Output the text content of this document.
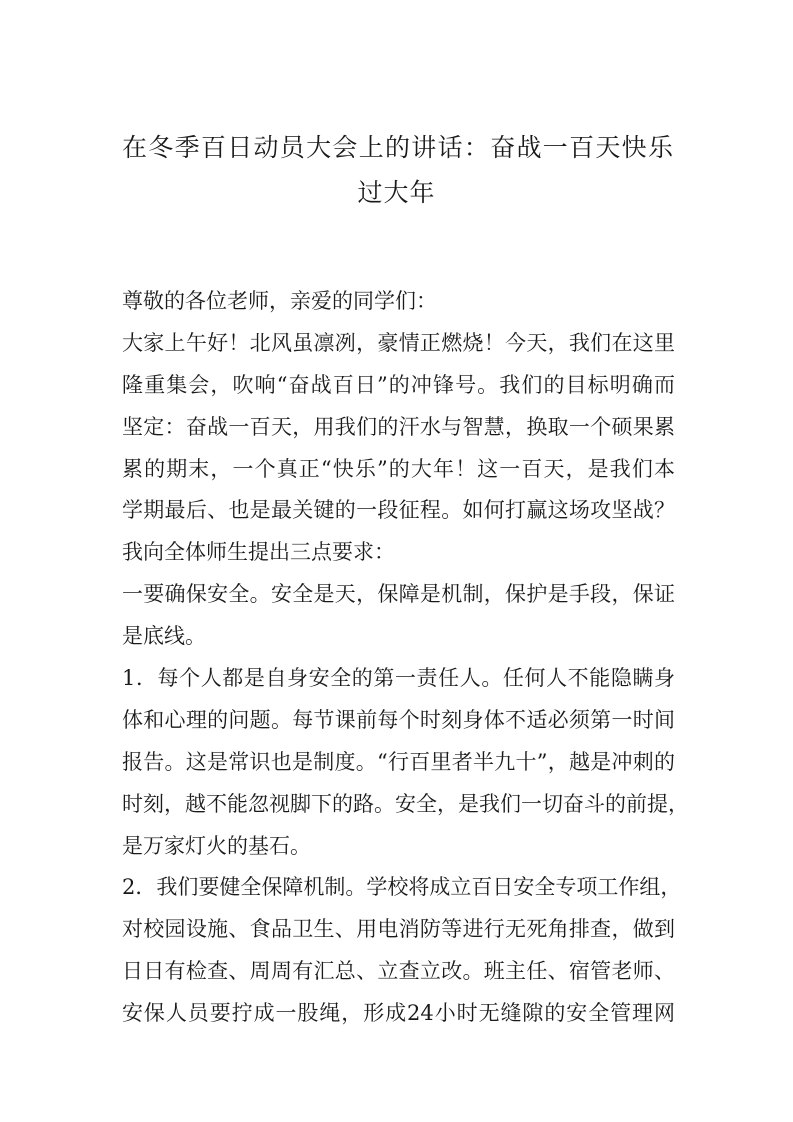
在冬季百日动员大会上的讲话：奋战一百天快乐
过大年
尊敬的各位老师，亲爱的同学们：
大家上午好！北风虽凛冽，豪情正燃烧！今天，我们在这里
隆重集会，吹响“奋战百日”的冲锋号。我们的目标明确而
坚定：奋战一百天，用我们的汗水与智慧，换取一个硕果累
累的期末，一个真正“快乐”的大年！这一百天，是我们本
学期最后、也是最关键的一段征程。如何打赢这场攻坚战？
我向全体师生提出三点要求：
一要确保安全。安全是天，保障是机制，保护是手段，保证
是底线。
1．每个人都是自身安全的第一责任人。任何人不能隐瞒身
体和心理的问题。每节课前每个时刻身体不适必须第一时间
报告。这是常识也是制度。“行百里者半九十”，越是冲刺的
时刻，越不能忽视脚下的路。安全，是我们一切奋斗的前提，
是万家灯火的基石。
2．我们要健全保障机制。学校将成立百日安全专项工作组，
对校园设施、食品卫生、用电消防等进行无死角排查，做到
日日有检查、周周有汇总、立查立改。班主任、宿管老师、
安保人员要拧成一股绳，形成24小时无缝隙的安全管理网
